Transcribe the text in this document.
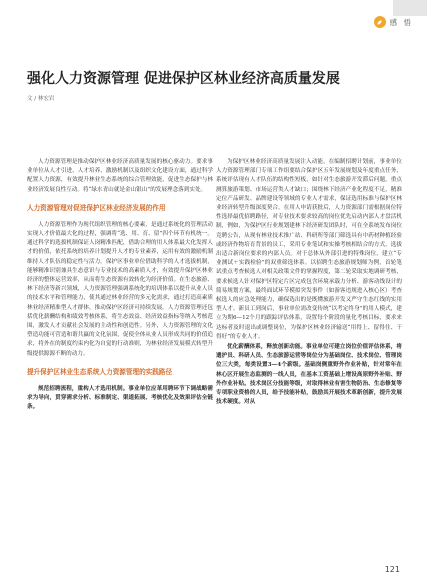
感 悟
强化人力资源管理 促进保护区林业经济高质量发展
文 / 林宏岩

人力资源管理是推动保护区林业经济高质量发展的核心驱动力。要求事业单位从人才引进、人才培养、激励机制以及组织文化建设方面，通过科学配置人力资源，有效提升林业生态系统的综合管理效能，促进生态保护与林业经济发展良性互动。将“绿水青山就是金山银山”的发展理念落到实处。

人力资源管理对促进保护区林业经济发展的作用

人力资源管理作为现代组织管理的核心要素，是通过系统化的管理活动实现人才价值最大化的过程，强调将“选、用、育、留”四个环节有机统一。通过科学的选拔机制保证人岗精准匹配，借助合理的用人体系最大化发挥人才的价值，依托系统的培养计划提升人才的专业素养，运用有效的激励机制维持人才队伍的稳定性与活力。保护区事业单位借助科学的人才选拔机制，能够精准识别兼具生态意识与专业技术的高素质人才，有效提升保护区林业经济的整体运营效率，从而将生态资源有效转化为经济价值。在生态旅游、林下经济等新兴领域，人力资源管理强调系统化的培训体系以提升从业人员的技术水平和管理能力，使其通过林业经营的多元化需求，通过打造高素质林业经济精准型人才群体，推动保护区经济可持续发展。人力资源管理还包括优化薪酬结构和绩效考核体系，将生态效益、经济效益指标等纳入考核范围，激发人才贡献社会发展的主动性和创造性。另外，人力资源管理的文化塑造功能可营造和谐共赢的文化氛围，促使全体从业人员形成共同的价值追求，将外在的制度约束内化为自觉的行动准则，为林业经济发展模式转型升级提供源源不断的动力。

提升保护区林业生态系统人力资源管理的实践路径

规范招聘流程，重构人才选用机制。事业单位应革用聘环节下调战略需求为导向，贯穿需求分析、标准制定、渠道拓展、考核优化及效果评估全链条。

为保护区林业经济高质量发展注入动能。在编制招聘计划前，事业单位人力资源管理部门专项工作组要结合保护区五年发展规划及年度重点任务，系统评估现有人才队伍的结构性短板，如针对生态旅游开发滞后问题，重点测算旅游策划、市场运营类人才缺口；围绕林下经济产业化程度不足，精准定位产品研发、品牌建设等领域的专业人才需求，保证选用标准与保护区林业经济转型升级深度契合。在用人申请获批后，人力资源部门需根据岗位特性选择最优招聘路径，对专业技术要求较高的岗位优先启动内部人才盘活机制，例如，为保护区行业规划建林下经济研发团队时，可在全系统发布岗位竞聘公告，从现有林业技术推广站、科研所等部门筛选具有中药材种植经验或经济作物培育背景的员工，采用专业笔试和实操考核相结合的方式，选拔出适合新岗位要求的内部人员。对于总体从外部引进的特殊岗位，建立“专业测试＋实践检验”的双重筛选体系。以招聘生态旅游规划师为例，首轮笔试重点考查候选人对相关政策文件的掌握程度，第二轮采取实地调研考核，要求候选人针对保护区特定片区完成包含环境承载力分析、游客动线设计的简易规划方案，最终面试环节模拟突发事件（如游客违规进入核心区）考查候选人的应急处理能力，确保选出的是既懂旅游开发又严守生态红线的实用型人才。新员工到岗后，事业单位需改变传统“以考定终身”的用人模式，建立为期6—12个月的跟踪评估体系，设置每个阶段的量化考核目标，要求来达标者及时退出或调整岗位，为保护区林业经济输送“用得上、留得住、干得好”的专业人才。

优化薪酬体系，释放创新动能。事业单位可建立岗位价值评估体系，将遗护员、科研人员、生态旅游运营等岗位分为基础岗位、技术岗位、管理岗位三大类，每类设置3—4个薪级。基础岗侧重野外作业补贴，针对常年在林心区开展生态监测的一线人员，在基本工资基础上增设高原野外补贴、野外作业补贴。技术岗区分技能等级，对取得林业有害生物防治、生态修复等专项职业资格的人员，给予技能补贴，鼓励其开展技术革新创新，提升发展技术硬度。对从

121
